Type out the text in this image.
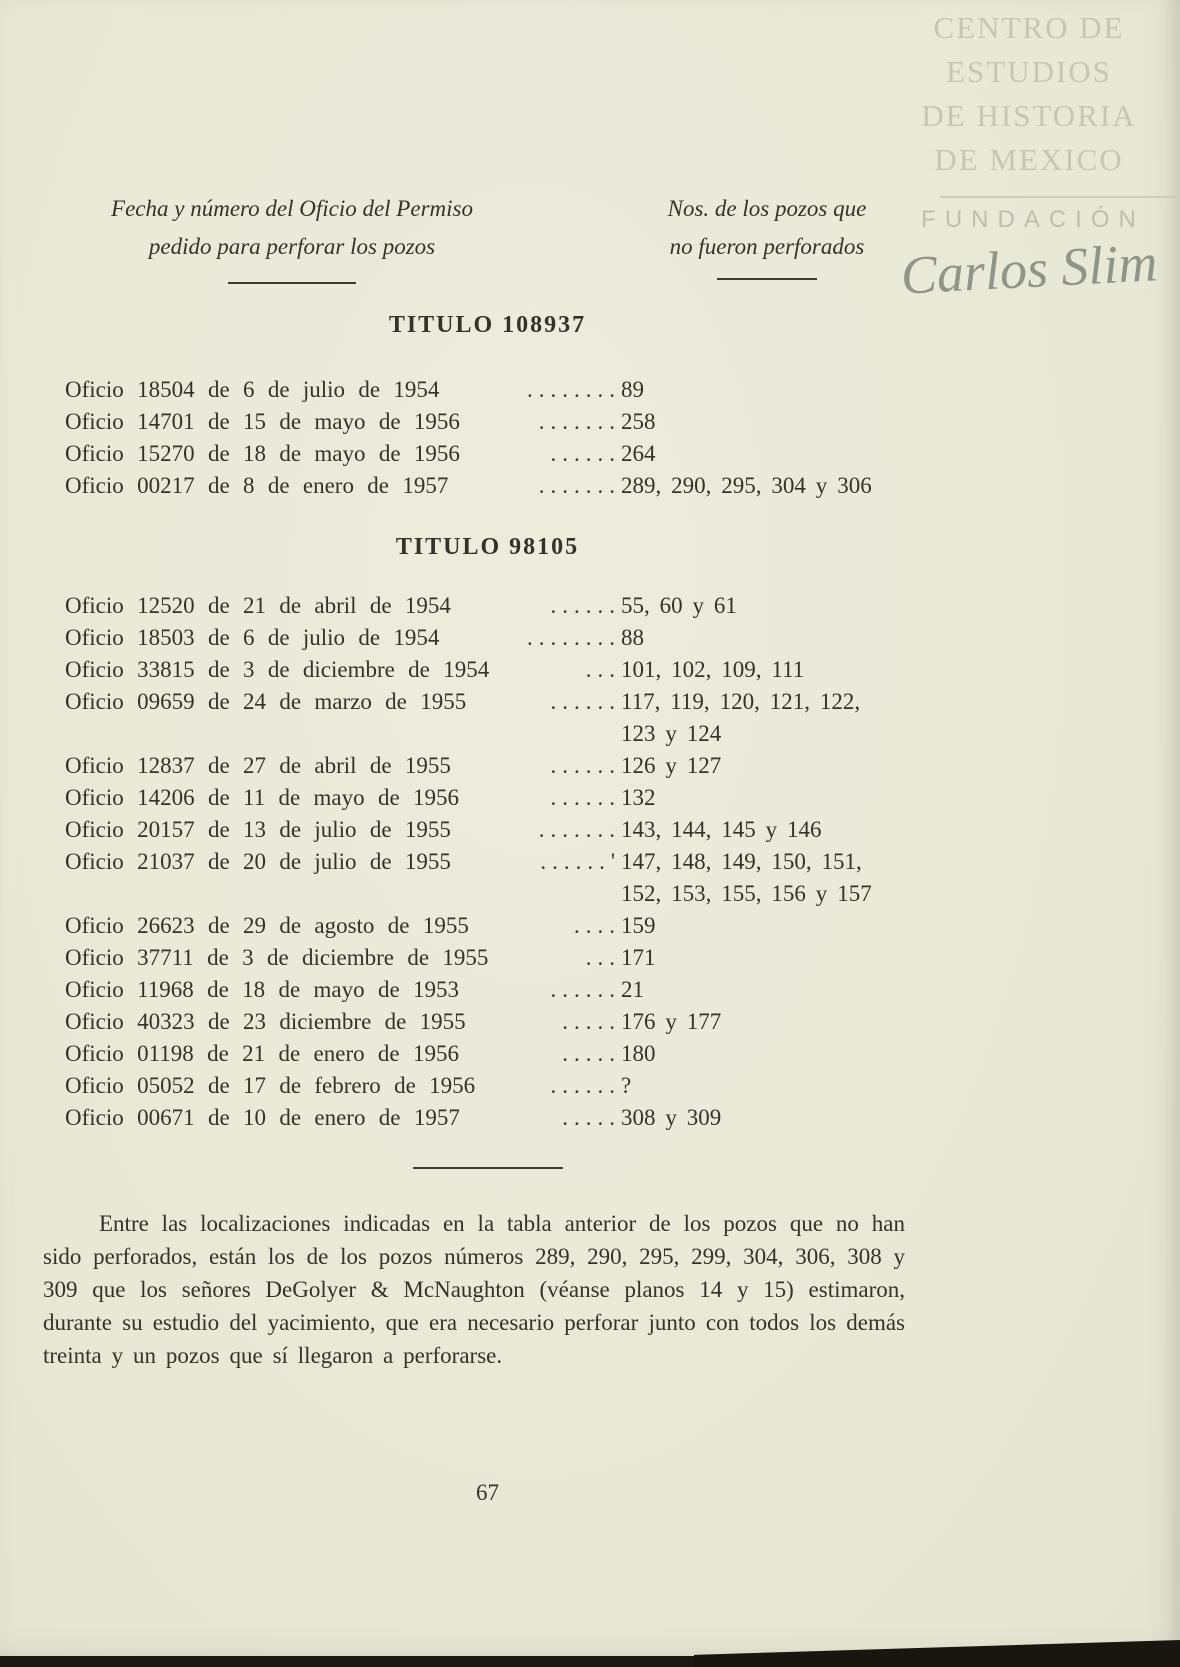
CENTRO DE
ESTUDIOS
DE HISTORIA
DE MEXICO
FUNDACIÓN
Carlos Slim
Fecha y número del Oficio del Permiso
pedido para perforar los pozos
Nos. de los pozos que
no fueron perforados
TITULO 108937
Oficio 18504 de 6 de julio de 1954	........ 89
Oficio 14701 de 15 de mayo de 1956	....... 258
Oficio 15270 de 18 de mayo de 1956	...... 264
Oficio 00217 de 8 de enero de 1957	....... 289, 290, 295, 304 y 306
TITULO 98105
Oficio 12520 de 21 de abril de 1954	...... 55, 60 y 61
Oficio 18503 de 6 de julio de 1954	........ 88
Oficio 33815 de 3 de diciembre de 1954	... 101, 102, 109, 111
Oficio 09659 de 24 de marzo de 1955	...... 117, 119, 120, 121, 122,
123 y 124
Oficio 12837 de 27 de abril de 1955	...... 126 y 127
Oficio 14206 de 11 de mayo de 1956	...... 132
Oficio 20157 de 13 de julio de 1955	....... 143, 144, 145 y 146
Oficio 21037 de 20 de julio de 1955	......' 147, 148, 149, 150, 151,
152, 153, 155, 156 y 157
Oficio 26623 de 29 de agosto de 1955	.... 159
Oficio 37711 de 3 de diciembre de 1955	... 171
Oficio 11968 de 18 de mayo de 1953	...... 21
Oficio 40323 de 23 diciembre de 1955	..... 176 y 177
Oficio 01198 de 21 de enero de 1956	..... 180
Oficio 05052 de 17 de febrero de 1956	...... ?
Oficio 00671 de 10 de enero de 1957	..... 308 y 309

Entre las localizaciones indicadas en la tabla anterior de los pozos que no han sido perforados, están los de los pozos números 289, 290, 295, 299, 304, 306, 308 y 309 que los señores DeGolyer & McNaughton (véanse planos 14 y 15) estimaron, durante su estudio del yacimiento, que era necesario perforar junto con todos los demás treinta y un pozos que sí llegaron a perforarse.

67
